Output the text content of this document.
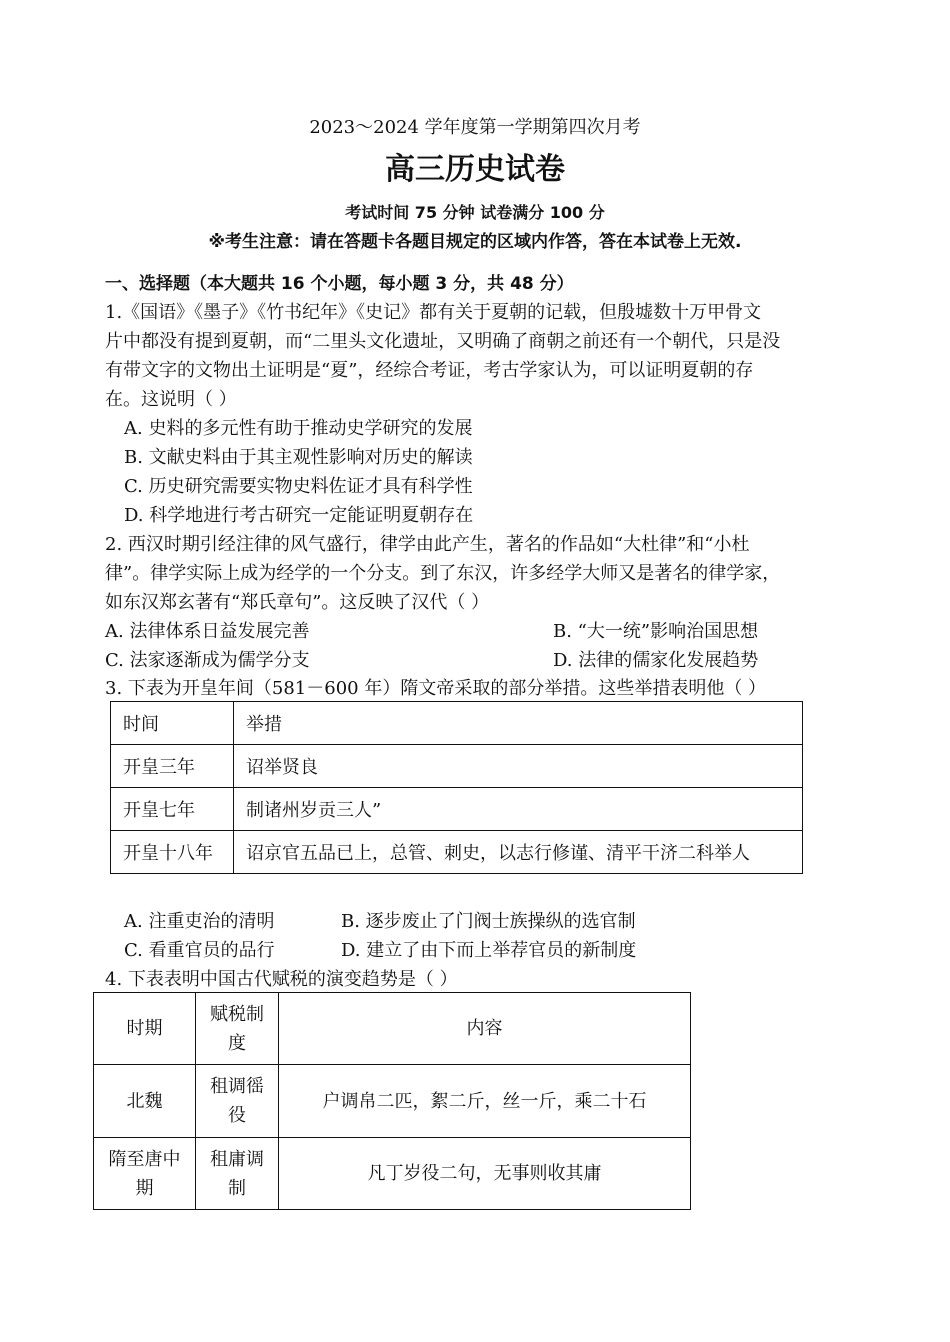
2023～2024 学年度第一学期第四次月考
高三历史试卷
考试时间 75 分钟 试卷满分 100 分
※考生注意：请在答题卡各题目规定的区域内作答，答在本试卷上无效.
一、选择题（本大题共 16 个小题，每小题 3 分，共 48 分）
1.《国语》《墨子》《竹书纪年》《史记》都有关于夏朝的记载，但殷墟数十万甲骨文
片中都没有提到夏朝，而“二里头文化遗址，又明确了商朝之前还有一个朝代，只是没
有带文字的文物出土证明是“夏”，经综合考证，考古学家认为，可以证明夏朝的存
在。这说明（ ）
A. 史料的多元性有助于推动史学研究的发展
B. 文献史料由于其主观性影响对历史的解读
C. 历史研究需要实物史料佐证才具有科学性
D. 科学地进行考古研究一定能证明夏朝存在
2. 西汉时期引经注律的风气盛行，律学由此产生，著名的作品如“大杜律”和“小杜
律”。律学实际上成为经学的一个分支。到了东汉，许多经学大师又是著名的律学家，
如东汉郑玄著有“郑氏章句”。这反映了汉代（ ）
A. 法律体系日益发展完善	B. “大一统”影响治国思想
C. 法家逐渐成为儒学分支	D. 法律的儒家化发展趋势
3. 下表为开皇年间（581－600 年）隋文帝采取的部分举措。这些举措表明他（ ）
时间	举措
开皇三年	诏举贤良
开皇七年	制诸州岁贡三人”
开皇十八年	诏京官五品已上，总管、刺史，以志行修谨、清平干济二科举人
A. 注重吏治的清明	B. 逐步废止了门阀士族操纵的选官制
C. 看重官员的品行	D. 建立了由下而上举荐官员的新制度
4. 下表表明中国古代赋税的演变趋势是（ ）
时期	赋税制度	内容
北魏	租调徭役	户调帛二匹，絮二斤，丝一斤，乘二十石
隋至唐中期	租庸调制	凡丁岁役二句，无事则收其庸
